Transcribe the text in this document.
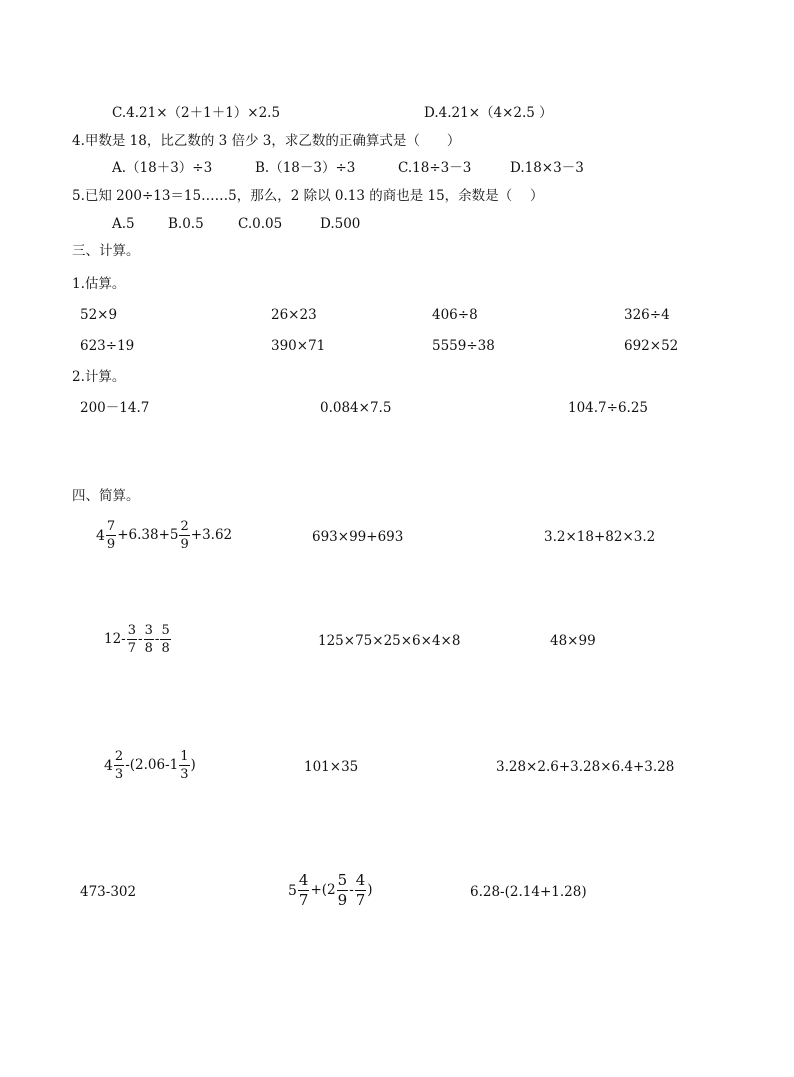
C.4.21×（2＋1＋1）×2.5	D.4.21×（4×2.5 ）
4.甲数是 18，比乙数的 3 倍少 3，求乙数的正确算式是（　　）
A.（18＋3）÷3	B.（18－3）÷3	C.18÷3－3	D.18×3－3
5.已知 200÷13＝15……5，那么，2 除以 0.13 的商也是 15，余数是（　 ）
A.5 B.0.5	C.0.05	D.500
三、计算。
1.估算。
52×9	26×23	406÷8	326÷4
623÷19	390×71	5559÷38	692×52
2.计算。
200－14.7	0.084×7.5	104.7÷6.25
四、简算。
$4 \frac{7}{9} +6.38+5 \frac{2}{9} +3.62$	693×99+693	3.2×18+82×3.2
$12- \frac{3}{7} - \frac{3}{8} - \frac{5}{8}$	125×75×25×6×4×8	48×99
$4 \frac{2}{3} -(2.06-1 \frac{1}{3}$ )	101×35	3.28×2.6+3.28×6.4+3.28
473-302	$5 \frac{4}{7} +(2 \frac{5}{9} - \frac{4}{7}$ )	6.28-(2.14+1.28)
